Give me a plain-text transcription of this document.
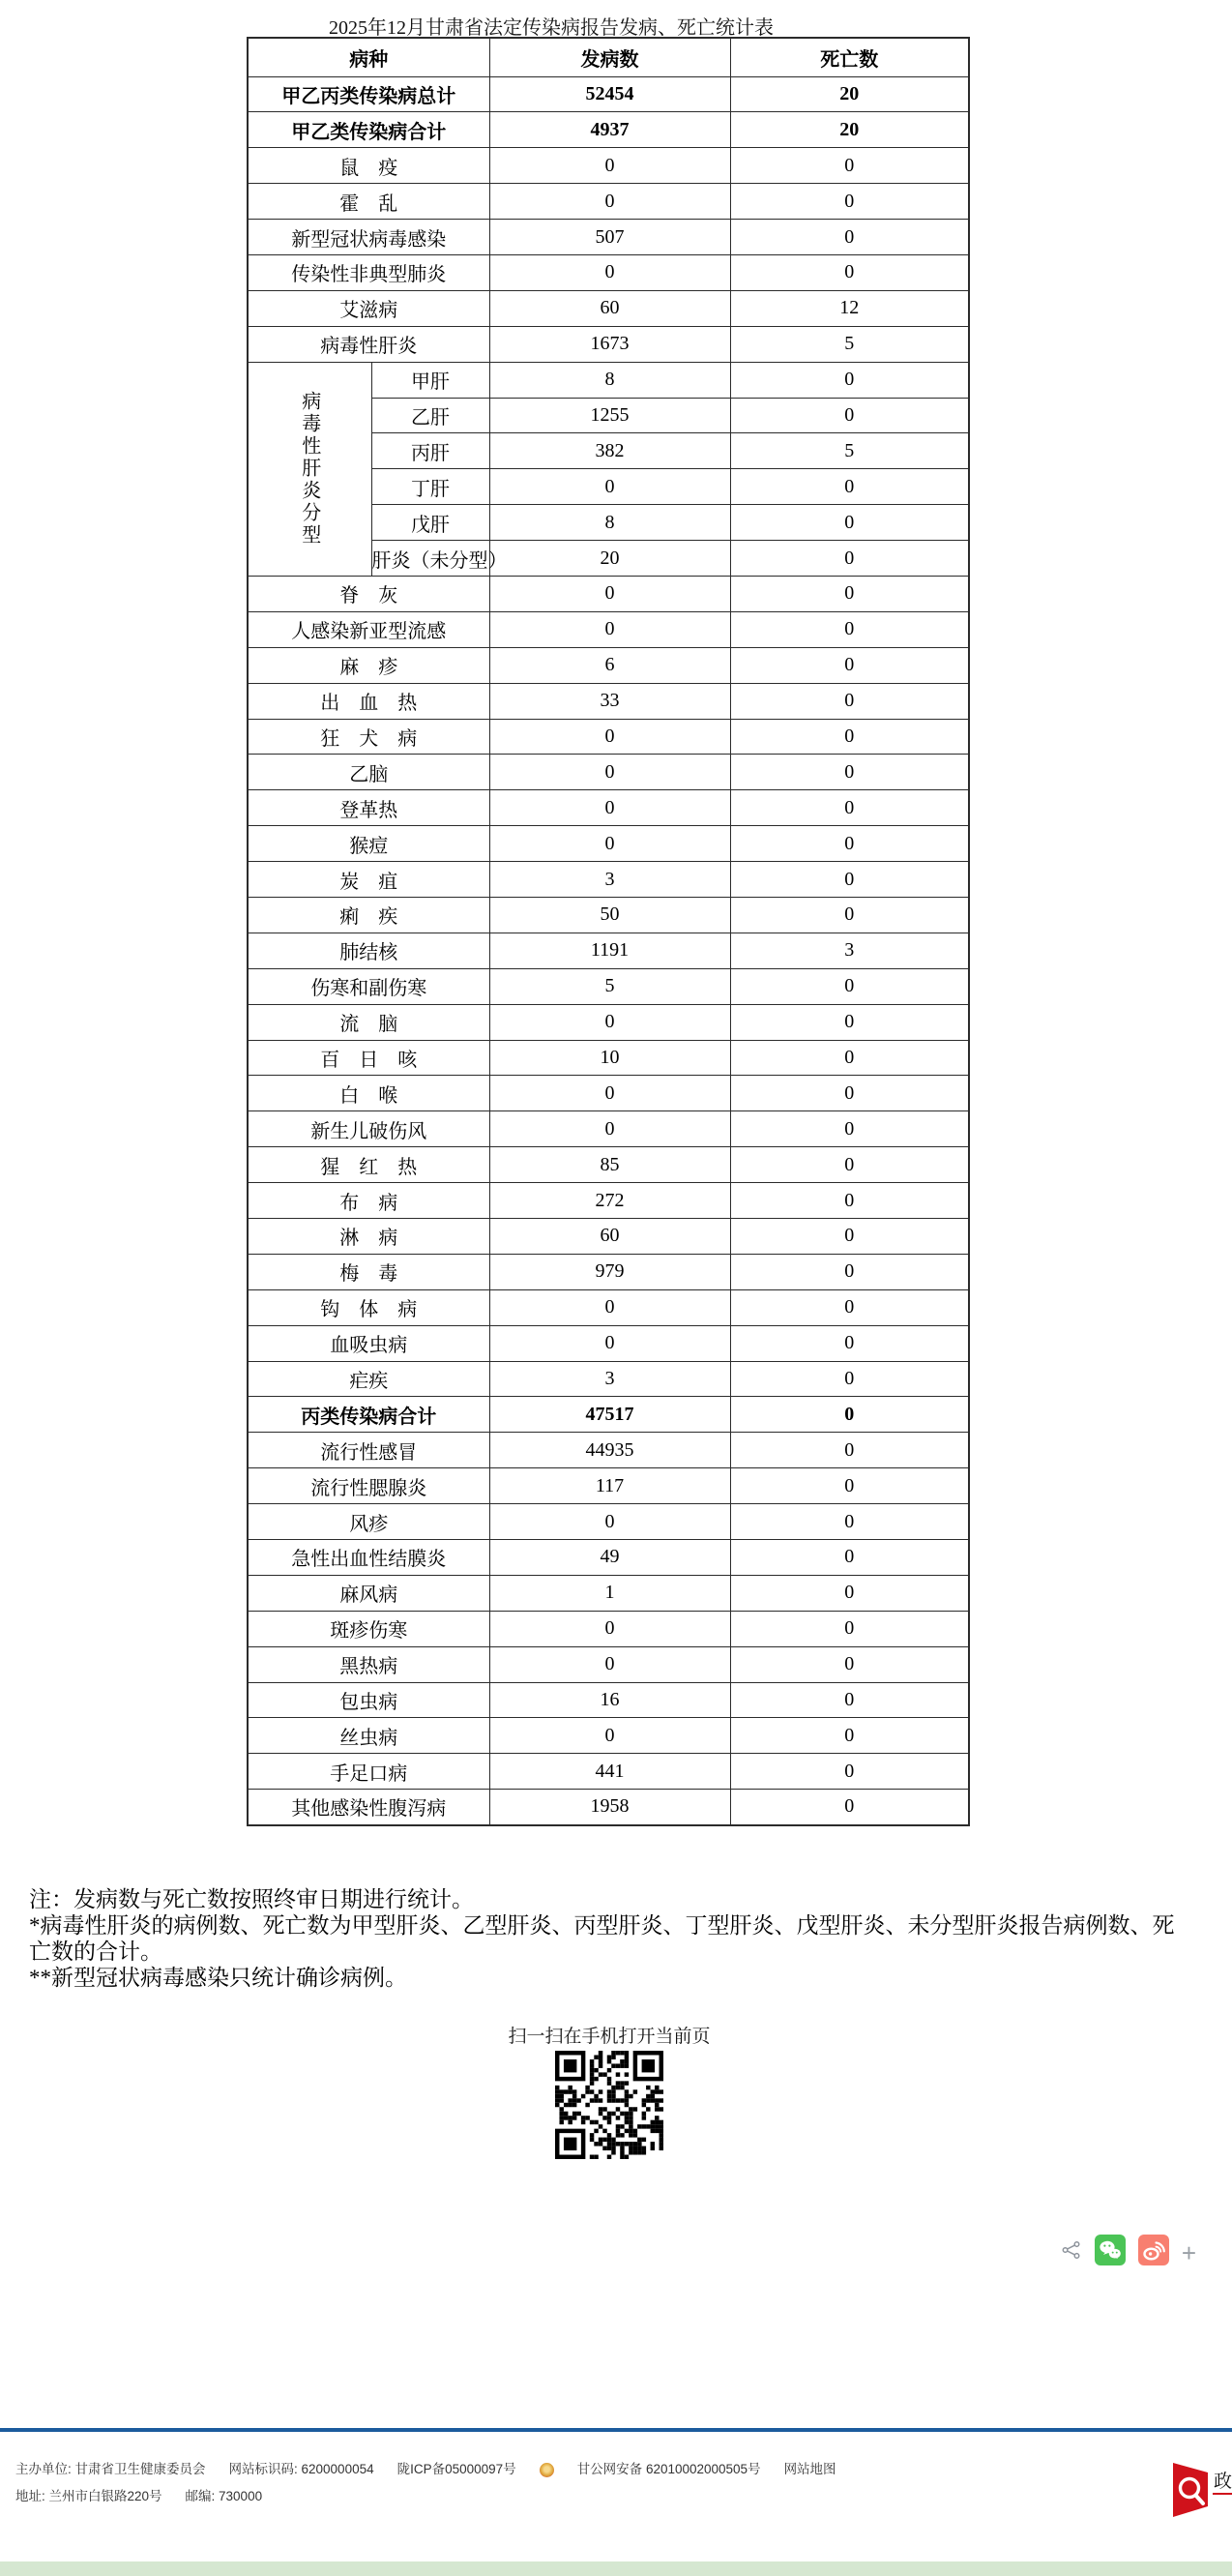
2025年12月甘肃省法定传染病报告发病、死亡统计表
病种		发病数	死亡数
甲乙丙类传染病总计		52454	20
甲乙类传染病合计		4937	20
鼠　疫		0	0
霍　乱		0	0
新型冠状病毒感染		507	0
传染性非典型肺炎		0	0
艾滋病		60	12
病毒性肝炎		1673	5
病毒性肝炎分型	甲肝	8	0
	乙肝	1255	0
	丙肝	382	5
	丁肝	0	0
	戊肝	8	0
	肝炎（未分型）	20	0
脊　灰		0	0
人感染新亚型流感		0	0
麻　疹		6	0
出　血　热		33	0
狂　犬　病		0	0
乙脑		0	0
登革热		0	0
猴痘		0	0
炭　疽		3	0
痢　疾		50	0
肺结核		1191	3
伤寒和副伤寒		5	0
流　脑		0	0
百　日　咳		10	0
白　喉		0	0
新生儿破伤风		0	0
猩　红　热		85	0
布　病		272	0
淋　病		60	0
梅　毒		979	0
钩　体　病		0	0
血吸虫病		0	0
疟疾		3	0
丙类传染病合计		47517	0
流行性感冒		44935	0
流行性腮腺炎		117	0
风疹		0	0
急性出血性结膜炎		49	0
麻风病		1	0
斑疹伤寒		0	0
黑热病		0	0
包虫病		16	0
丝虫病		0	0
手足口病		441	0
其他感染性腹泻病		1958	0

注：发病数与死亡数按照终审日期进行统计。

*病毒性肝炎的病例数、死亡数为甲型肝炎、乙型肝炎、丙型肝炎、丁型肝炎、戊型肝炎、未分型肝炎报告病例数、死亡数的合计。

**新型冠状病毒感染只统计确诊病例。

扫一扫在手机打开当前页
+
主办单位: 甘肃省卫生健康委员会 网站标识码: 6200000054 陇ICP备05000097号	甘公网安备 62010002000505号 网站地图
地址: 兰州市白银路220号 邮编: 730000
政
